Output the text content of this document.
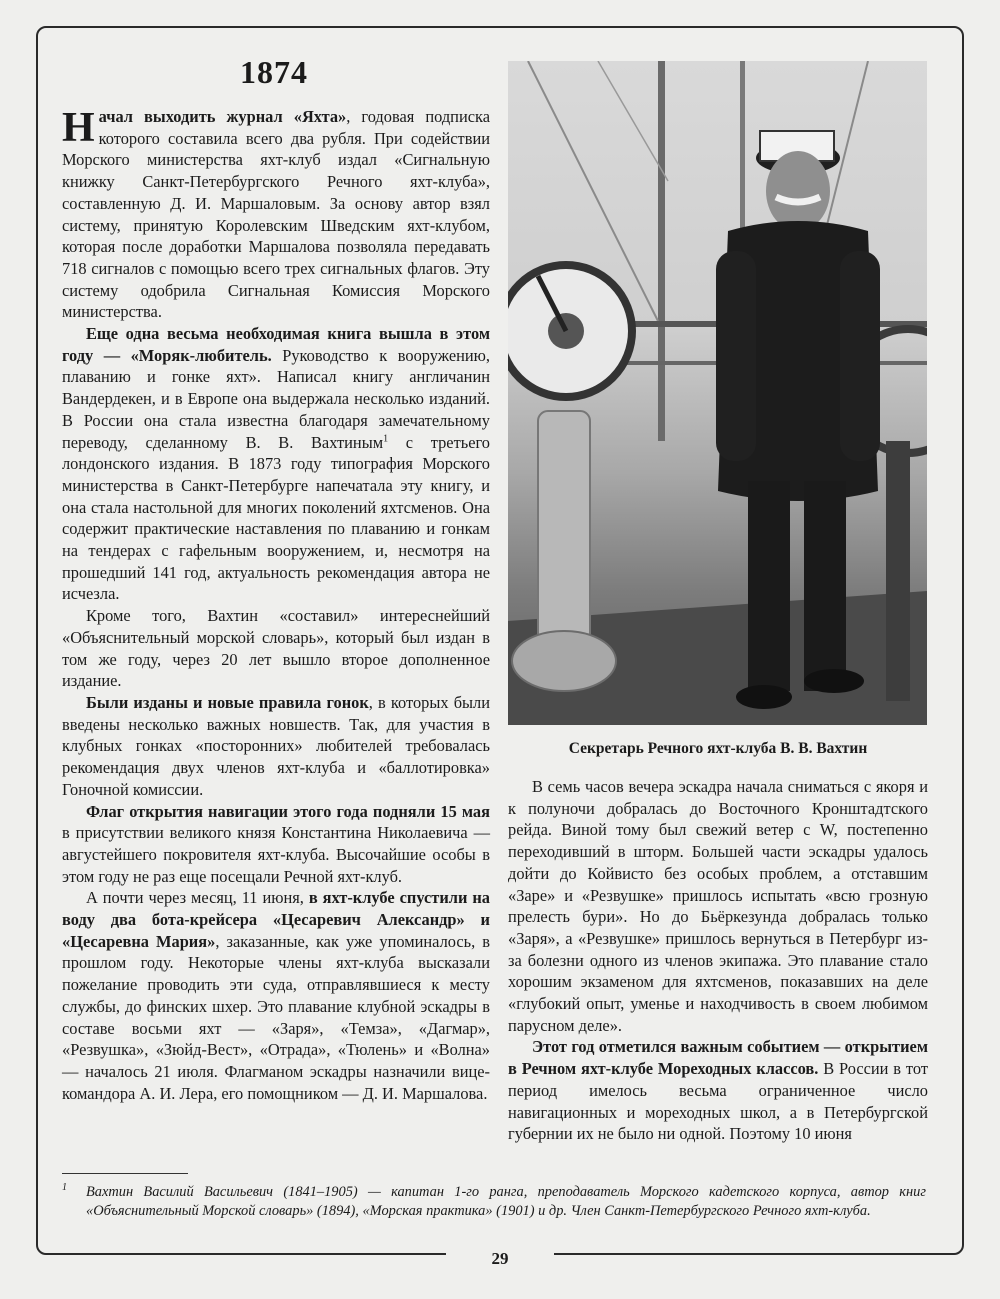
1874

Начал выходить журнал «Яхта», годовая подписка которого составила всего два рубля. При содействии Морского министерства яхт-клуб издал «Сигнальную книжку Санкт-Петербургского Речного яхт-клуба», составленную Д. И. Маршаловым. За основу автор взял систему, принятую Королевским Шведским яхт-клубом, которая после доработки Маршалова позволяла передавать 718 сигналов с помощью всего трех сигнальных флагов. Эту систему одобрила Сигнальная Комиссия Морского министерства.

Еще одна весьма необходимая книга вышла в этом году — «Моряк-любитель. Руководство к вооружению, плаванию и гонке яхт». Написал книгу англичанин Вандердекен, и в Европе она выдержала несколько изданий. В России она стала известна благодаря замечательному переводу, сделанному В. В. Вахтиным$^1$ с третьего лондонского издания. В 1873 году типография Морского министерства в Санкт-Петербурге напечатала эту книгу, и она стала настольной для многих поколений яхтсменов. Она содержит практические наставления по плаванию и гонкам на тендерах с гафельным вооружением, и, несмотря на прошедший 141 год, актуальность рекомендация автора не исчезла.

Кроме того, Вахтин «составил» интереснейший «Объяснительный морской словарь», который был издан в том же году, через 20 лет вышло второе дополненное издание.

Были изданы и новые правила гонок, в которых были введены несколько важных новшеств. Так, для участия в клубных гонках «посторонних» любителей требовалась рекомендация двух членов яхт-клуба и «баллотировка» Гоночной комиссии.

Флаг открытия навигации этого года подняли 15 мая в присутствии великого князя Константина Николаевича — августейшего покровителя яхт-клуба. Высочайшие особы в этом году не раз еще посещали Речной яхт-клуб.

А почти через месяц, 11 июня, в яхт-клубе спустили на воду два бота-крейсера «Цесаревич Александр» и «Цесаревна Мария», заказанные, как уже упоминалось, в прошлом году. Некоторые члены яхт-клуба высказали пожелание проводить эти суда, отправлявшиеся к месту службы, до финских шхер. Это плавание клубной эскадры в составе восьми яхт — «Заря», «Темза», «Дагмар», «Резвушка», «Зюйд-Вест», «Отрада», «Тюлень» и «Волна» — началось 21 июля. Флагманом эскадры назначили вице-командора А. И. Лера, его помощником — Д. И. Маршалова.

Секретарь Речного яхт-клуба В. В. Вахтин

В семь часов вечера эскадра начала сниматься с якоря и к полуночи добралась до Восточного Кронштадтского рейда. Виной тому был свежий ветер с W, постепенно переходивший в шторм. Большей части эскадры удалось дойти до Койвисто без особых проблем, а отставшим «Заре» и «Резвушке» пришлось испытать «всю грозную прелесть бури». Но до Бьёркезунда добралась только «Заря», а «Резвушке» пришлось вернуться в Петербург из-за болезни одного из членов экипажа. Это плавание стало хорошим экзаменом для яхтсменов, показавших на деле «глубокий опыт, уменье и находчивость в своем любимом парусном деле».

Этот год отметился важным событием — открытием в Речном яхт-клубе Мореходных классов. В России в тот период имелось весьма ограниченное число навигационных и мореходных школ, а в Петербургской губернии их не было ни одной. Поэтому 10 июня

1 Вахтин Василий Васильевич (1841–1905) — капитан 1-го ранга, преподаватель Морского кадетского корпуса, автор книг «Объяснительный Морской словарь» (1894), «Морская практика» (1901) и др. Член Санкт-Петербургского Речного яхт-клуба.
29
